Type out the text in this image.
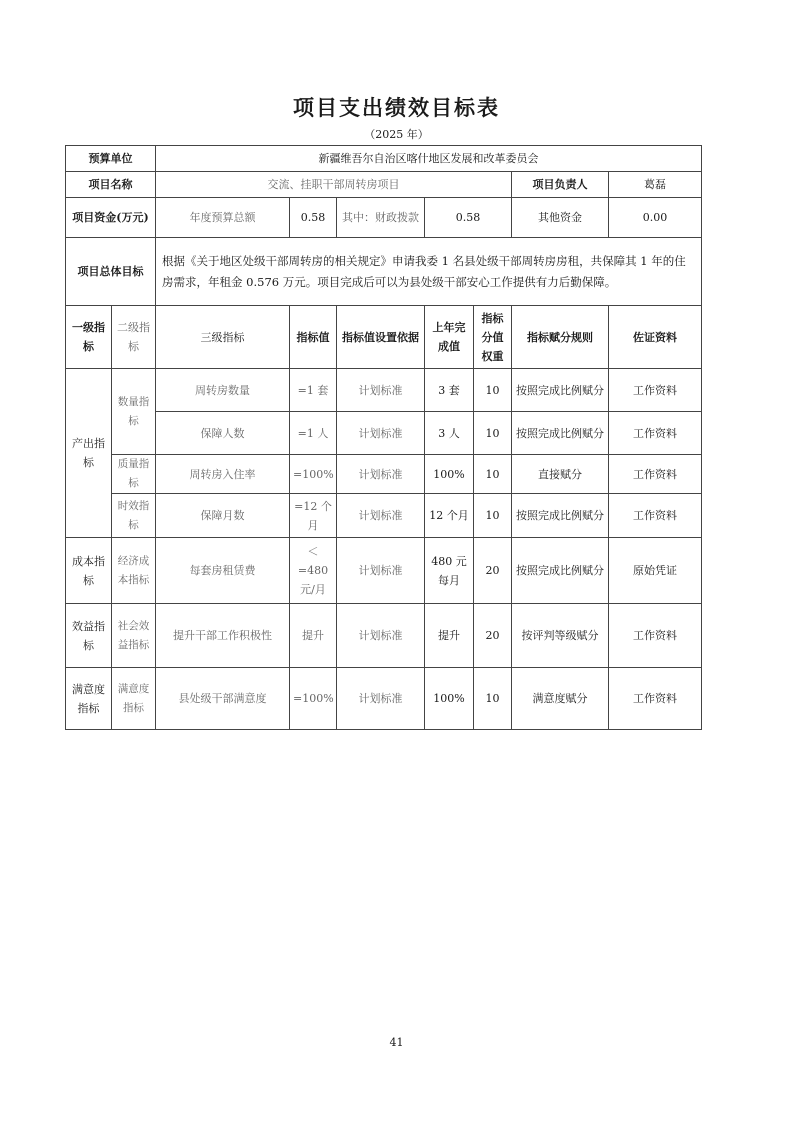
项目支出绩效目标表
（2025 年）
预算单位		新疆维吾尔自治区喀什地区发展和改革委员会						
项目名称		交流、挂职干部周转房项目					项目负责人	葛磊
项目资金(万元)		年度预算总额	0.58	其中：财政拨款	0.58		其他资金	0.00
项目总体目标		根据《关于地区处级干部周转房的相关规定》申请我委 1 名县处级干部周转房房租，共保障其 1 年的住房需求，年租金 0.576 万元。项目完成后可以为县处级干部安心工作提供有力后勤保障。						
一级指标	二级指标	三级指标	指标值	指标值设置依据	上年完成值	指标分值权重	指标赋分规则	佐证资料
产出指标	数量指标	周转房数量	=1 套	计划标准	3 套	10	按照完成比例赋分	工作资料
		保障人数	=1 人	计划标准	3 人	10	按照完成比例赋分	工作资料
	质量指标	周转房入住率	=100%	计划标准	100%	10	直接赋分	工作资料
	时效指标	保障月数	=12 个月	计划标准	12 个月	10	按照完成比例赋分	工作资料
成本指标	经济成本指标	每套房租赁费	＜=480 元/月	计划标准	480 元每月	20	按照完成比例赋分	原始凭证
效益指标	社会效益指标	提升干部工作积极性	提升	计划标准	提升	20	按评判等级赋分	工作资料
满意度指标	满意度指标	县处级干部满意度	=100%	计划标准	100%	10	满意度赋分	工作资料
41
